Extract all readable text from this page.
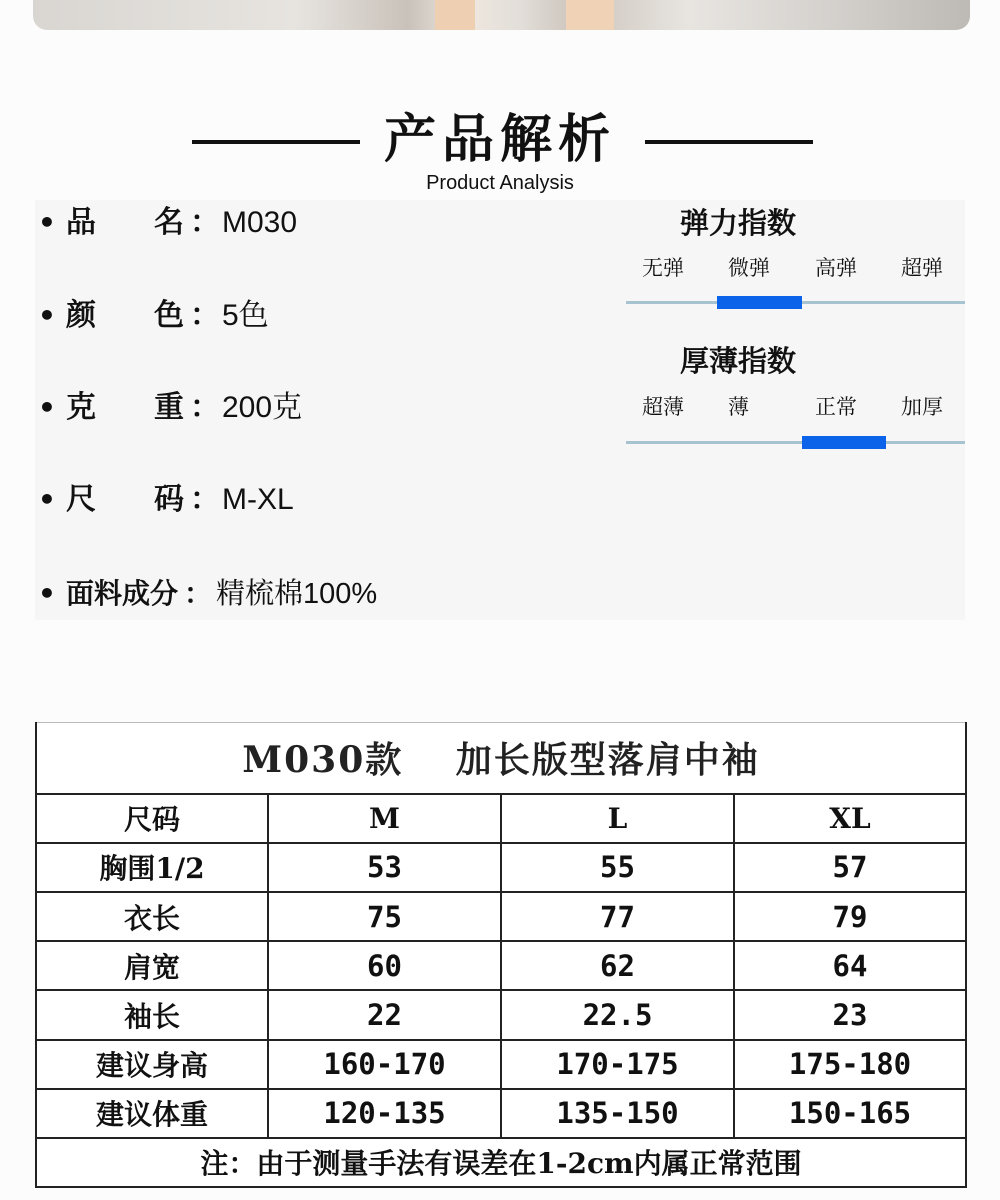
产品解析
Product Analysis
• 品 名 ： M030
• 颜 色 ： 5色
• 克 重 ： 200克
• 尺 码 ： M-XL
• 面料成分 ： 精梳棉100%
弹力指数
无弹 微弹 高弹 超弹
厚薄指数
超薄 薄	正常 加厚
M030款　 加长版型落肩中袖			
尺码	M	L	XL
胸围1/2	53	55	57
衣长	75	77	79
肩宽	60	62	64
袖长	22	22.5	23
建议身高	160-170	170-175	175-180
建议体重	120-135	135-150	150-165
注：由于测量手法有误差在1-2cm内属正常范围			
